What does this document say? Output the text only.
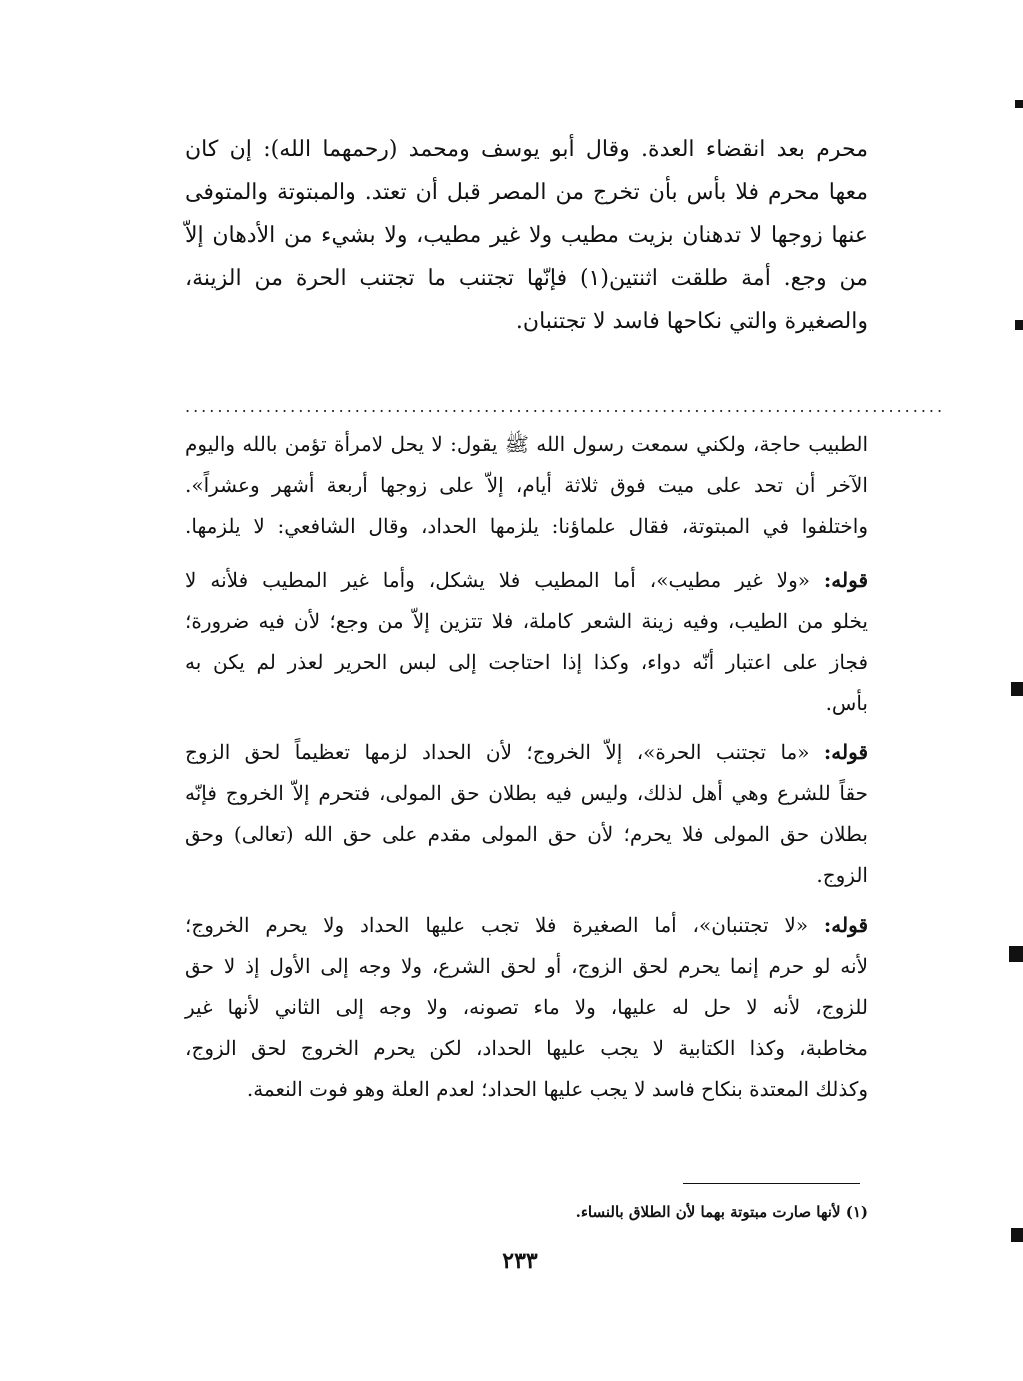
محرم بعد انقضاء العدة. وقال أبو يوسف ومحمد (رحمهما الله): إن كان
معها محرم فلا بأس بأن تخرج من المصر قبل أن تعتد. والمبتوتة والمتوفى
عنها زوجها لا تدهنان بزيت مطيب ولا غير مطيب، ولا بشيء من الأدهان إلاّ
من وجع. أمة طلقت اثنتين(١) فإنّها تجتنب ما تجتنب الحرة من الزينة،
والصغيرة والتي نكاحها فاسد لا تجتنبان.
..............................................................................................
الطبيب حاجة، ولكني سمعت رسول الله ﷺ يقول: لا يحل لامرأة تؤمن بالله واليوم
الآخر أن تحد على ميت فوق ثلاثة أيام، إلاّ على زوجها أربعة أشهر وعشراً».
واختلفوا في المبتوتة، فقال علماؤنا: يلزمها الحداد، وقال الشافعي: لا يلزمها.
قوله: «ولا غير مطيب»، أما المطيب فلا يشكل، وأما غير المطيب فلأنه لا
يخلو من الطيب، وفيه زينة الشعر كاملة، فلا تتزين إلاّ من وجع؛ لأن فيه ضرورة؛
فجاز على اعتبار أنّه دواء، وكذا إذا احتاجت إلى لبس الحرير لعذر لم يكن به
بأس.
قوله: «ما تجتنب الحرة»، إلاّ الخروج؛ لأن الحداد لزمها تعظيماً لحق الزوج
حقاً للشرع وهي أهل لذلك، وليس فيه بطلان حق المولى، فتحرم إلاّ الخروج فإنّه
بطلان حق المولى فلا يحرم؛ لأن حق المولى مقدم على حق الله (تعالى) وحق
الزوج.
قوله: «لا تجتنبان»، أما الصغيرة فلا تجب عليها الحداد ولا يحرم الخروج؛
لأنه لو حرم إنما يحرم لحق الزوج، أو لحق الشرع، ولا وجه إلى الأول إذ لا حق
للزوج، لأنه لا حل له عليها، ولا ماء تصونه، ولا وجه إلى الثاني لأنها غير
مخاطبة، وكذا الكتابية لا يجب عليها الحداد، لكن يحرم الخروج لحق الزوج،
وكذلك المعتدة بنكاح فاسد لا يجب عليها الحداد؛ لعدم العلة وهو فوت النعمة.
(١) لأنها صارت مبتوتة بهما لأن الطلاق بالنساء.
٢٣٣
